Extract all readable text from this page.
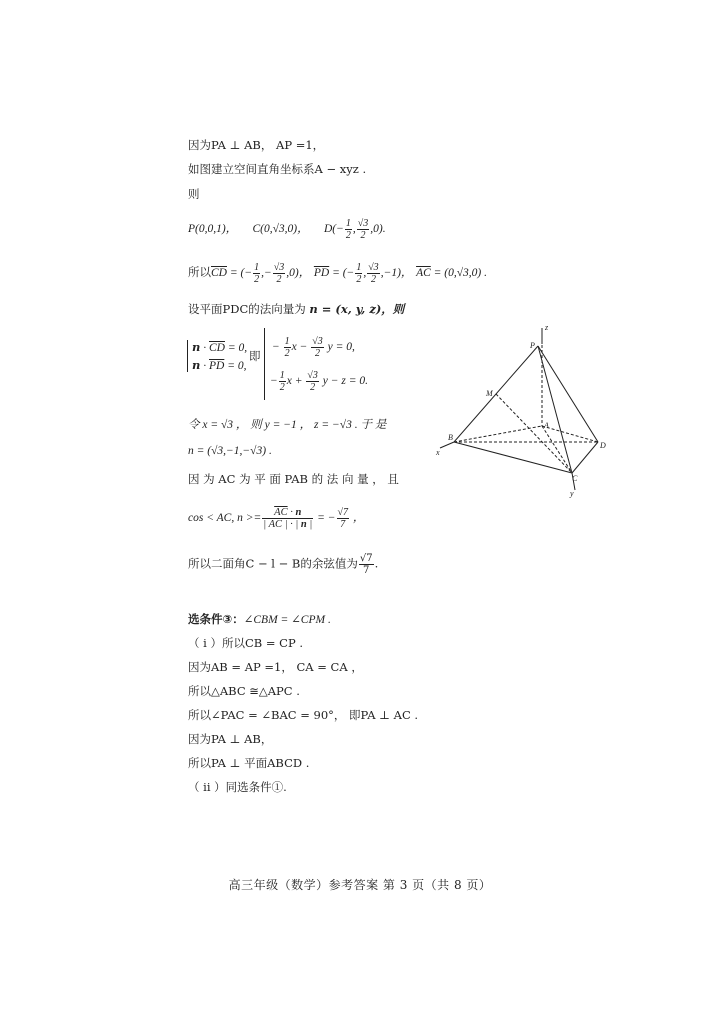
因为PA ⊥ AB， AP =1，
如图建立空间直角坐标系A − xyz .
则
P(0,0,1)， C(0,√3,0)， $D(- \frac{1}{2}$ , $\frac{√3}{2} ,0$).
所以$\overline{CD}$ = (− $\frac{1}{2}$ ,− $\frac{√3}{2} ,0$)， $\overline{PD}$ = (− $\frac{1}{2}$ , $\frac{√3}{2} ,-1$)， $\overline{AC} = (0,√3,0)$ .
设平面PDC的法向量为 n = (x, y, z)，则
$n \cdot \overline{CD} = 0$,
$n \cdot \overline{PD} = 0$,
即
− $\frac{1}{2}$ $x - \frac{√3}{2}$ y = 0,
− $\frac{1}{2}$ $x + \frac{√3}{2}$ y − z = 0.
令 x = √3 ， 则 y = −1 ， z = −√3 . 于 是
n = (√3,−1,−√3) .
因 为 AC 为 平 面 PAB 的 法 向 量 ， 且
cos < AC, $n >= \frac{\overline{AC} \cdot n}{| \overline{AC} | \cdot | n |}$ = − $\frac{√7}{7}$ ，
所以二面角C − l − B的余弦值为 $\frac{√7}{7}$ .
选条件③：∠CBM = ∠CPM .
（ i ）所以CB = CP .
因为AB = AP =1， CA = CA ，
所以△ABC ≅△APC .
所以∠PAC = ∠BAC = 90°， 即PA ⊥ AC .
因为PA ⊥ AB，
所以PA ⊥ 平面ABCD .
（ ii ）同选条件①.
z
P
M
A
B
D
C
x
y
高三年级（数学）参考答案 第 3 页（共 8 页）
